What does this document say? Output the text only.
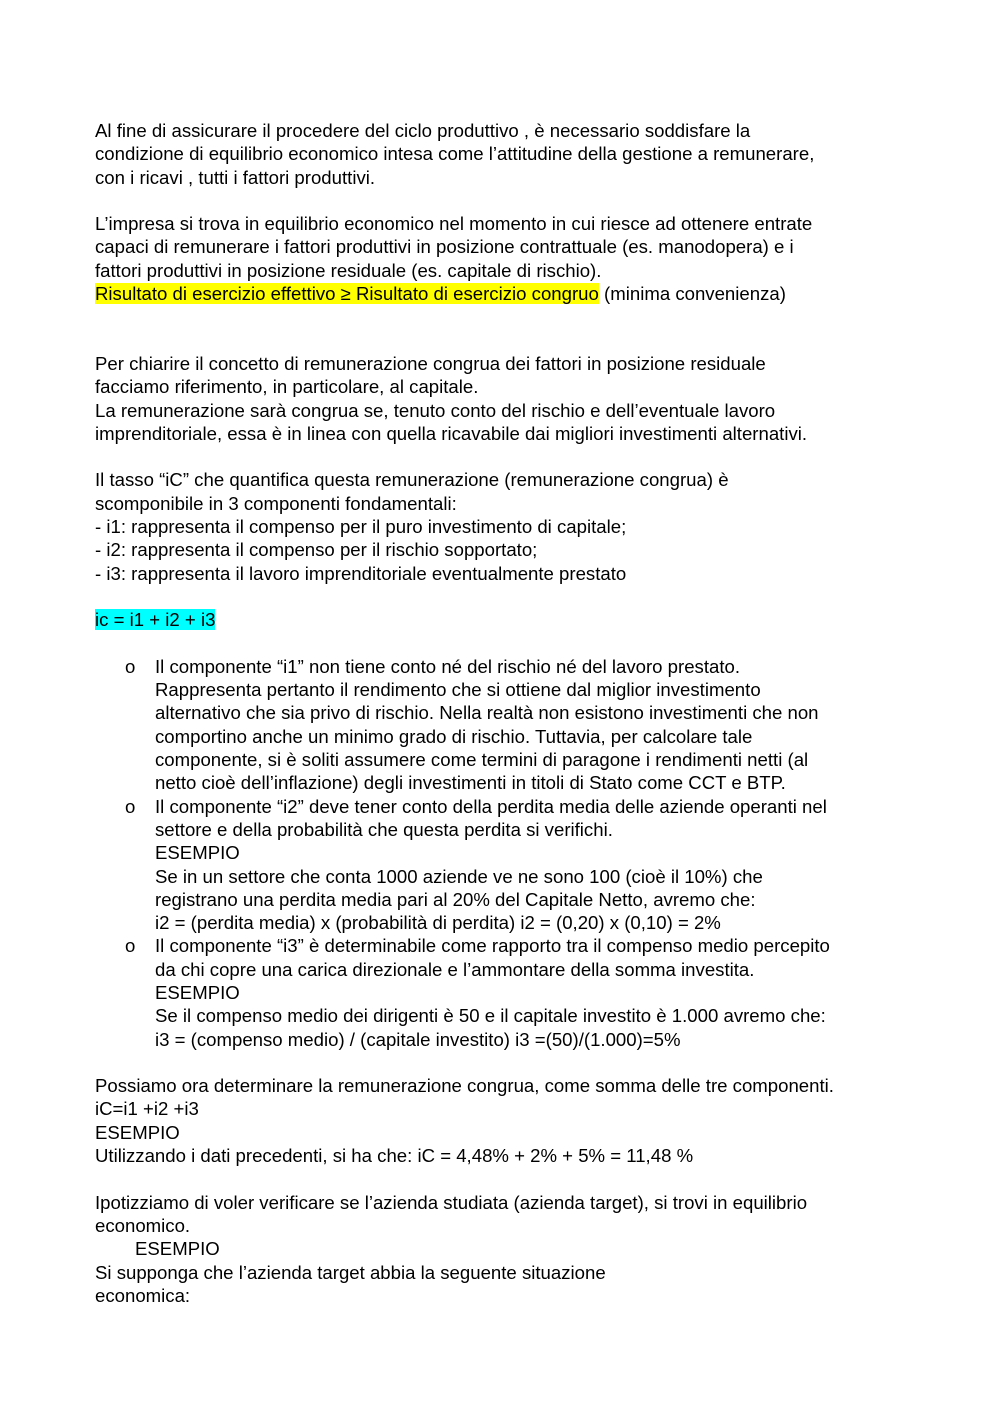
Al fine di assicurare il procedere del ciclo produttivo , è necessario soddisfare la
condizione di equilibrio economico intesa come l’attitudine della gestione a remunerare,
con i ricavi , tutti i fattori produttivi.
L’impresa si trova in equilibrio economico nel momento in cui riesce ad ottenere entrate
capaci di remunerare i fattori produttivi in posizione contrattuale (es. manodopera) e i
fattori produttivi in posizione residuale (es. capitale di rischio).
Risultato di esercizio effettivo ≥ Risultato di esercizio congruo (minima convenienza)
Per chiarire il concetto di remunerazione congrua dei fattori in posizione residuale
facciamo riferimento, in particolare, al capitale.
La remunerazione sarà congrua se, tenuto conto del rischio e dell’eventuale lavoro
imprenditoriale, essa è in linea con quella ricavabile dai migliori investimenti alternativi.
Il tasso “iC” che quantifica questa remunerazione (remunerazione congrua) è
scomponibile in 3 componenti fondamentali:
- i1: rappresenta il compenso per il puro investimento di capitale;
- i2: rappresenta il compenso per il rischio sopportato;
- i3: rappresenta il lavoro imprenditoriale eventualmente prestato
ic = i1 + i2 + i3
o Il componente “i1” non tiene conto né del rischio né del lavoro prestato.
Rappresenta pertanto il rendimento che si ottiene dal miglior investimento
alternativo che sia privo di rischio. Nella realtà non esistono investimenti che non
comportino anche un minimo grado di rischio. Tuttavia, per calcolare tale
componente, si è soliti assumere come termini di paragone i rendimenti netti (al
netto cioè dell’inflazione) degli investimenti in titoli di Stato come CCT e BTP.
o Il componente “i2” deve tener conto della perdita media delle aziende operanti nel
settore e della probabilità che questa perdita si verifichi.
ESEMPIO
Se in un settore che conta 1000 aziende ve ne sono 100 (cioè il 10%) che
registrano una perdita media pari al 20% del Capitale Netto, avremo che:
i2 = (perdita media) x (probabilità di perdita) i2 = (0,20) x (0,10) = 2%
o Il componente “i3” è determinabile come rapporto tra il compenso medio percepito
da chi copre una carica direzionale e l’ammontare della somma investita.
ESEMPIO
Se il compenso medio dei dirigenti è 50 e il capitale investito è 1.000 avremo che:
i3 = (compenso medio) / (capitale investito) i3 =(50)/(1.000)=5%
Possiamo ora determinare la remunerazione congrua, come somma delle tre componenti.
iC=i1 +i2 +i3
ESEMPIO
Utilizzando i dati precedenti, si ha che: iC = 4,48% + 2% + 5% = 11,48 %
Ipotizziamo di voler verificare se l’azienda studiata (azienda target), si trovi in equilibrio
economico.
ESEMPIO
Si supponga che l’azienda target abbia la seguente situazione
economica:
